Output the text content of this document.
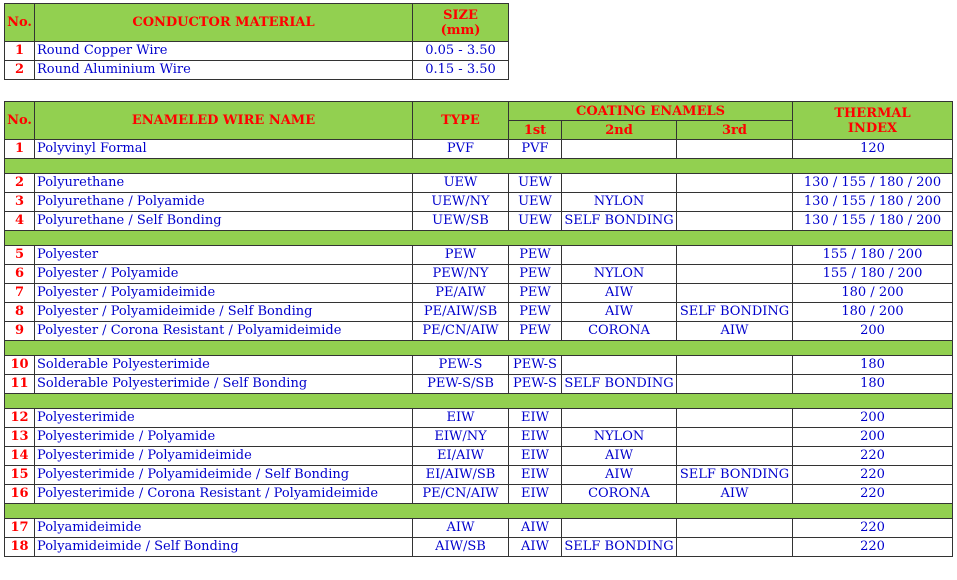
No.	CONDUCTOR MATERIAL	SIZE
(mm)
1	Round Copper Wire	0.05 - 3.50
2	Round Aluminium Wire	0.15 - 3.50
No.	ENAMELED WIRE NAME	TYPE	COATING ENAMELS			THERMAL
INDEX
			1st	2nd	3rd	
1	Polyvinyl Formal	PVF	PVF			120

2	Polyurethane	UEW	UEW			130 / 155 / 180 / 200
3	Polyurethane / Polyamide	UEW/NY	UEW	NYLON		130 / 155 / 180 / 200
4	Polyurethane / Self Bonding	UEW/SB	UEW	SELF BONDING		130 / 155 / 180 / 200

5	Polyester	PEW	PEW			155 / 180 / 200
6	Polyester / Polyamide	PEW/NY	PEW	NYLON		155 / 180 / 200
7	Polyester / Polyamideimide	PE/AIW	PEW	AIW		180 / 200
8	Polyester / Polyamideimide / Self Bonding	PE/AIW/SB	PEW	AIW	SELF BONDING	180 / 200
9	Polyester / Corona Resistant / Polyamideimide	PE/CN/AIW	PEW	CORONA	AIW	200

10	Solderable Polyesterimide	PEW-S	PEW-S			180
11	Solderable Polyesterimide / Self Bonding	PEW-S/SB	PEW-S	SELF BONDING		180

12	Polyesterimide	EIW	EIW			200
13	Polyesterimide / Polyamide	EIW/NY	EIW	NYLON		200
14	Polyesterimide / Polyamideimide	EI/AIW	EIW	AIW		220
15	Polyesterimide / Polyamideimide / Self Bonding	EI/AIW/SB	EIW	AIW	SELF BONDING	220
16	Polyesterimide / Corona Resistant / Polyamideimide	PE/CN/AIW	EIW	CORONA	AIW	220

17	Polyamideimide	AIW	AIW			220
18	Polyamideimide / Self Bonding	AIW/SB	AIW	SELF BONDING		220
